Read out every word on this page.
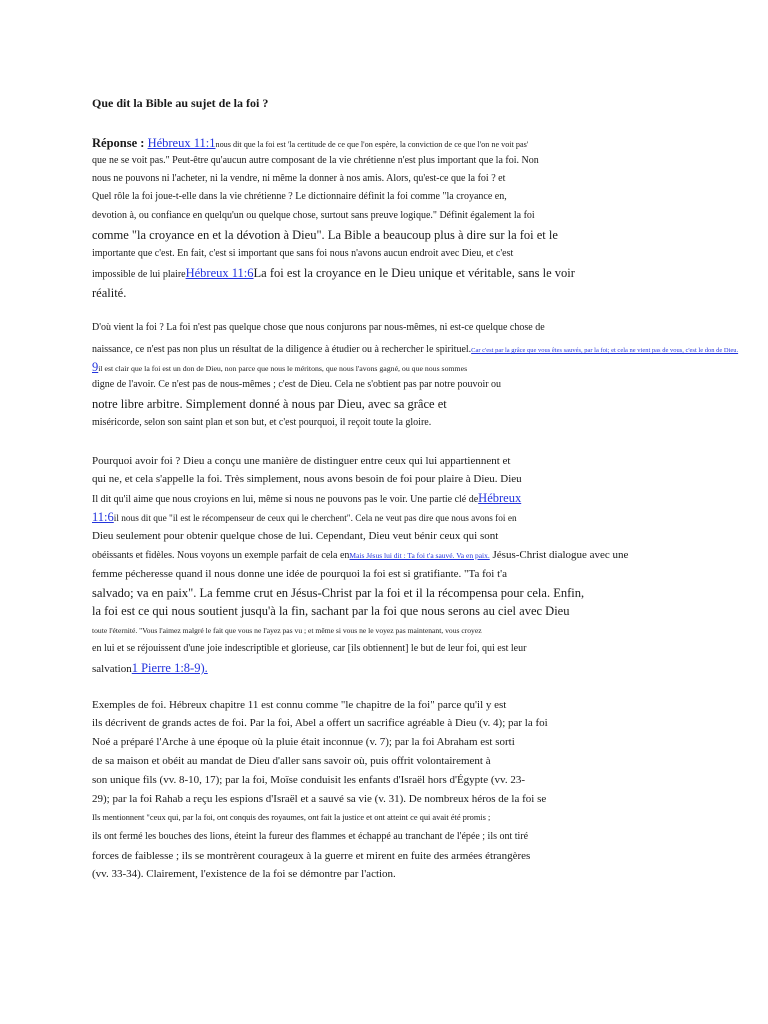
Que dit la Bible au sujet de la foi ?
Réponse : Hébreux 11:1nous dit que la foi est 'la certitude de ce que l'on espère, la conviction de ce que l'on ne voit pas'
que ne se voit pas." Peut-être qu'aucun autre composant de la vie chrétienne n'est plus important que la foi. Non
nous ne pouvons ni l'acheter, ni la vendre, ni même la donner à nos amis. Alors, qu'est-ce que la foi ? et
Quel rôle la foi joue-t-elle dans la vie chrétienne ? Le dictionnaire définit la foi comme "la croyance en,
devotion à, ou confiance en quelqu'un ou quelque chose, surtout sans preuve logique." Définit également la foi
comme "la croyance en et la dévotion à Dieu". La Bible a beaucoup plus à dire sur la foi et le
importante que c'est. En fait, c'est si important que sans foi nous n'avons aucun endroit avec Dieu, et c'est
impossible de lui plaireHébreux 11:6La foi est la croyance en le Dieu unique et véritable, sans le voir
réalité.
D'où vient la foi ? La foi n'est pas quelque chose que nous conjurons par nous-mêmes, ni est-ce quelque chose de
naissance, ce n'est pas non plus un résultat de la diligence à étudier ou à rechercher le spirituel.Car c'est par la grâce que vous êtes sauvés, par la foi; et cela ne vient pas de vous, c'est le don de Dieu.
9il est clair que la foi est un don de Dieu, non parce que nous le méritons, que nous l'avons gagné, ou que nous sommes
digne de l'avoir. Ce n'est pas de nous-mêmes ; c'est de Dieu. Cela ne s'obtient pas par notre pouvoir ou
notre libre arbitre. Simplement donné à nous par Dieu, avec sa grâce et
miséricorde, selon son saint plan et son but, et c'est pourquoi, il reçoit toute la gloire.
Pourquoi avoir foi ? Dieu a conçu une manière de distinguer entre ceux qui lui appartiennent et
qui ne, et cela s'appelle la foi. Très simplement, nous avons besoin de foi pour plaire à Dieu. Dieu
Il dit qu'il aime que nous croyions en lui, même si nous ne pouvons pas le voir. Une partie clé deHébreux
11:6il nous dit que "il est le récompenseur de ceux qui le cherchent". Cela ne veut pas dire que nous avons foi en
Dieu seulement pour obtenir quelque chose de lui. Cependant, Dieu veut bénir ceux qui sont
obéissants et fidèles. Nous voyons un exemple parfait de cela enMais Jésus lui dit : Ta foi t'a sauvé. Va en paix. Jésus-Christ dialogue avec une
femme pécheresse quand il nous donne une idée de pourquoi la foi est si gratifiante. "Ta foi t'a
salvado; va en paix". La femme crut en Jésus-Christ par la foi et il la récompensa pour cela. Enfin,
la foi est ce qui nous soutient jusqu'à la fin, sachant par la foi que nous serons au ciel avec Dieu
toute l'éternité. "Vous l'aimez malgré le fait que vous ne l'ayez pas vu ; et même si vous ne le voyez pas maintenant, vous croyez
en lui et se réjouissent d'une joie indescriptible et glorieuse, car [ils obtiennent] le but de leur foi, qui est leur
salvation1 Pierre 1:8-9).
Exemples de foi. Hébreux chapitre 11 est connu comme "le chapitre de la foi" parce qu'il y est
ils décrivent de grands actes de foi. Par la foi, Abel a offert un sacrifice agréable à Dieu (v. 4); par la foi
Noé a préparé l'Arche à une époque où la pluie était inconnue (v. 7); par la foi Abraham est sorti
de sa maison et obéit au mandat de Dieu d'aller sans savoir où, puis offrit volontairement à
son unique fils (vv. 8-10, 17); par la foi, Moïse conduisit les enfants d'Israël hors d'Égypte (vv. 23-
29); par la foi Rahab a reçu les espions d'Israël et a sauvé sa vie (v. 31). De nombreux héros de la foi se
Ils mentionnent "ceux qui, par la foi, ont conquis des royaumes, ont fait la justice et ont atteint ce qui avait été promis ;
ils ont fermé les bouches des lions, éteint la fureur des flammes et échappé au tranchant de l'épée ; ils ont tiré
forces de faiblesse ; ils se montrèrent courageux à la guerre et mirent en fuite des armées étrangères
(vv. 33-34). Clairement, l'existence de la foi se démontre par l'action.
